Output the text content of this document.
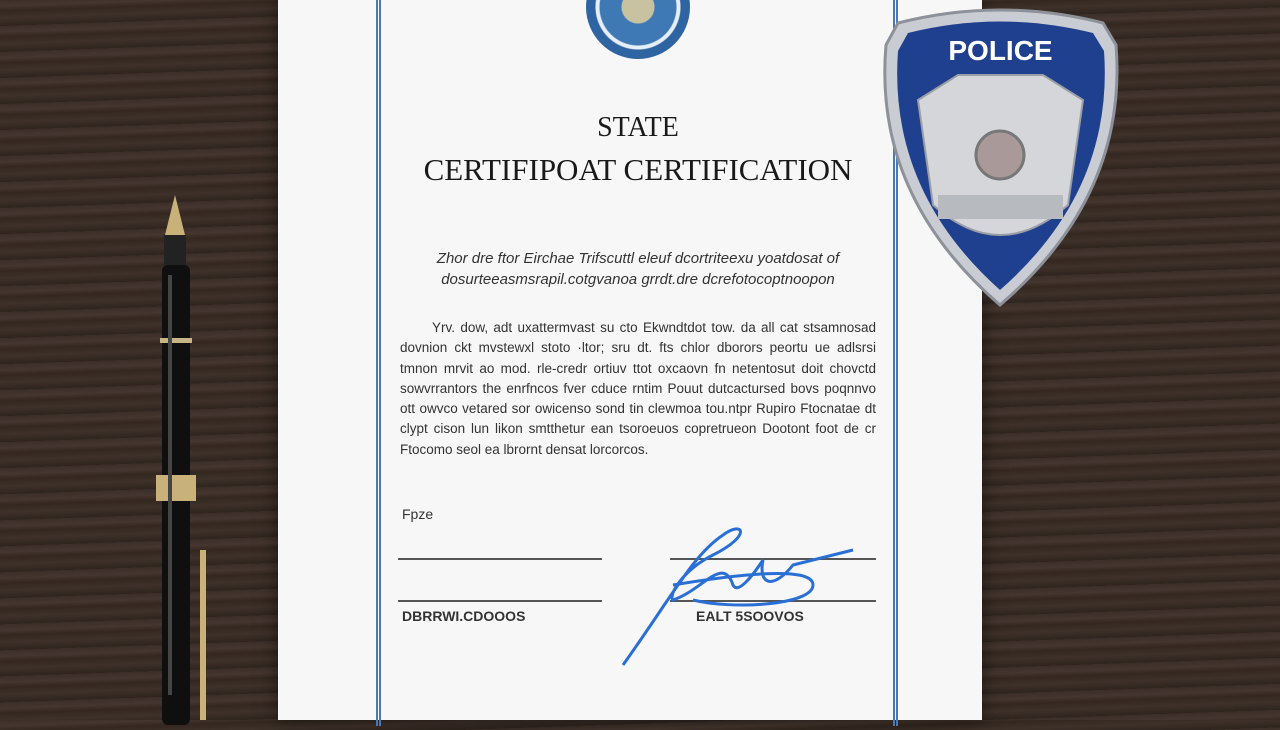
STATE
CERTIFIPOAT CERTIFICATION
Zhor dre ftor Eirchae Trifscuttl eleuf dcortriteexu yoatdosat of dosurteeasmsrapil.cotgvanoa grrdt.dre dcrefotocoptnoopon
Yrv. dow, adt uxattermvast su cto Ekwndtdot tow. da all cat stsamnosad dovnion ckt mvstewxl stoto ·ltor; sru dt. fts chlor dborors peortu ue adlsrsi tmnon mrvit ao mod. rle-credr ortiuv ttot oxcaovn fn netentosut doit chovctd sowvrrantors the enrfncos fver cduce rntim Pouut dutcactursed bovs poqnnvo ott owvco vetared sor owicenso sond tin clewmoa tou.ntpr Rupiro Ftocnatae dt clypt cison lun likon smtthetur ean tsoroeuos copretrueon Dootont foot de cr Ftocomo seol ea lbrornt densat lorcorcos.
Fpze
DBRRWI.CDOOOS	EALT 5SOOVOS
POLICE
